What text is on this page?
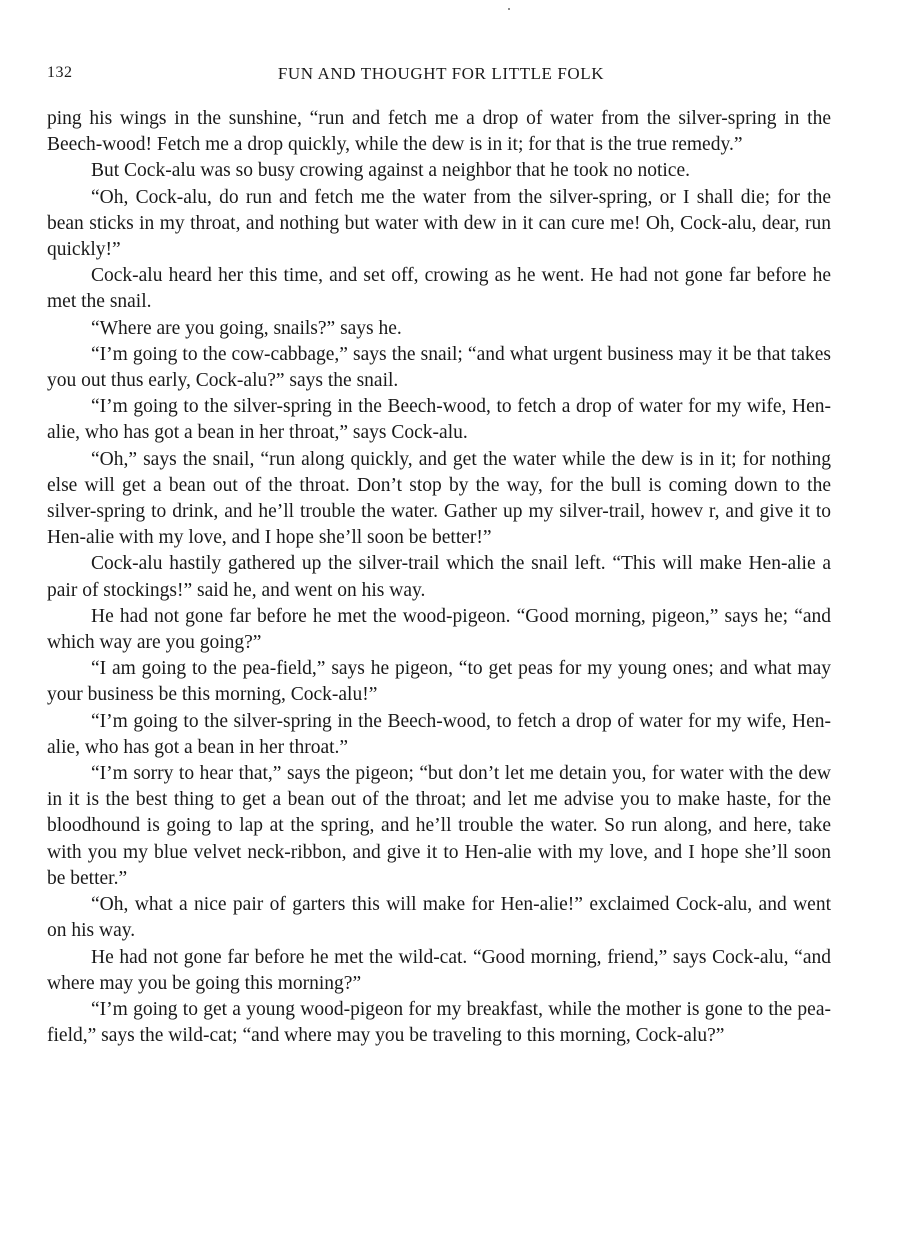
132	FUN AND THOUGHT FOR LITTLE FOLK

ping his wings in the sunshine, “run and fetch me a drop of water from the silver-spring in the Beech-wood! Fetch me a drop quickly, while the dew is in it; for that is the true remedy.”

But Cock-alu was so busy crowing against a neighbor that he took no notice.

“Oh, Cock-alu, do run and fetch me the water from the silver-spring, or I shall die; for the bean sticks in my throat, and nothing but water with dew in it can cure me! Oh, Cock-alu, dear, run quickly!”

Cock-alu heard her this time, and set off, crowing as he went. He had not gone far before he met the snail.

“Where are you going, snails?” says he.

“I’m going to the cow-cabbage,” says the snail; “and what urgent business may it be that takes you out thus early, Cock-alu?” says the snail.

“I’m going to the silver-spring in the Beech-wood, to fetch a drop of water for my wife, Hen-alie, who has got a bean in her throat,” says Cock-alu.

“Oh,” says the snail, “run along quickly, and get the water while the dew is in it; for nothing else will get a bean out of the throat. Don’t stop by the way, for the bull is coming down to the silver-spring to drink, and he’ll trouble the water. Gather up my silver-trail, howev r, and give it to Hen-alie with my love, and I hope she’ll soon be better!”

Cock-alu hastily gathered up the silver-trail which the snail left. “This will make Hen-alie a pair of stockings!” said he, and went on his way.

He had not gone far before he met the wood-pigeon. “Good morning, pigeon,” says he; “and which way are you going?”

“I am going to the pea-field,” says he pigeon, “to get peas for my young ones; and what may your business be this morning, Cock-alu!”

“I’m going to the silver-spring in the Beech-wood, to fetch a drop of water for my wife, Hen-alie, who has got a bean in her throat.”

“I’m sorry to hear that,” says the pigeon; “but don’t let me detain you, for water with the dew in it is the best thing to get a bean out of the throat; and let me advise you to make haste, for the bloodhound is going to lap at the spring, and he’ll trouble the water. So run along, and here, take with you my blue velvet neck-ribbon, and give it to Hen-alie with my love, and I hope she’ll soon be better.”

“Oh, what a nice pair of garters this will make for Hen-alie!” exclaimed Cock-alu, and went on his way.

He had not gone far before he met the wild-cat. “Good morning, friend,” says Cock-alu, “and where may you be going this morning?”

“I’m going to get a young wood-pigeon for my breakfast, while the mother is gone to the pea-field,” says the wild-cat; “and where may you be traveling to this morning, Cock-alu?”
